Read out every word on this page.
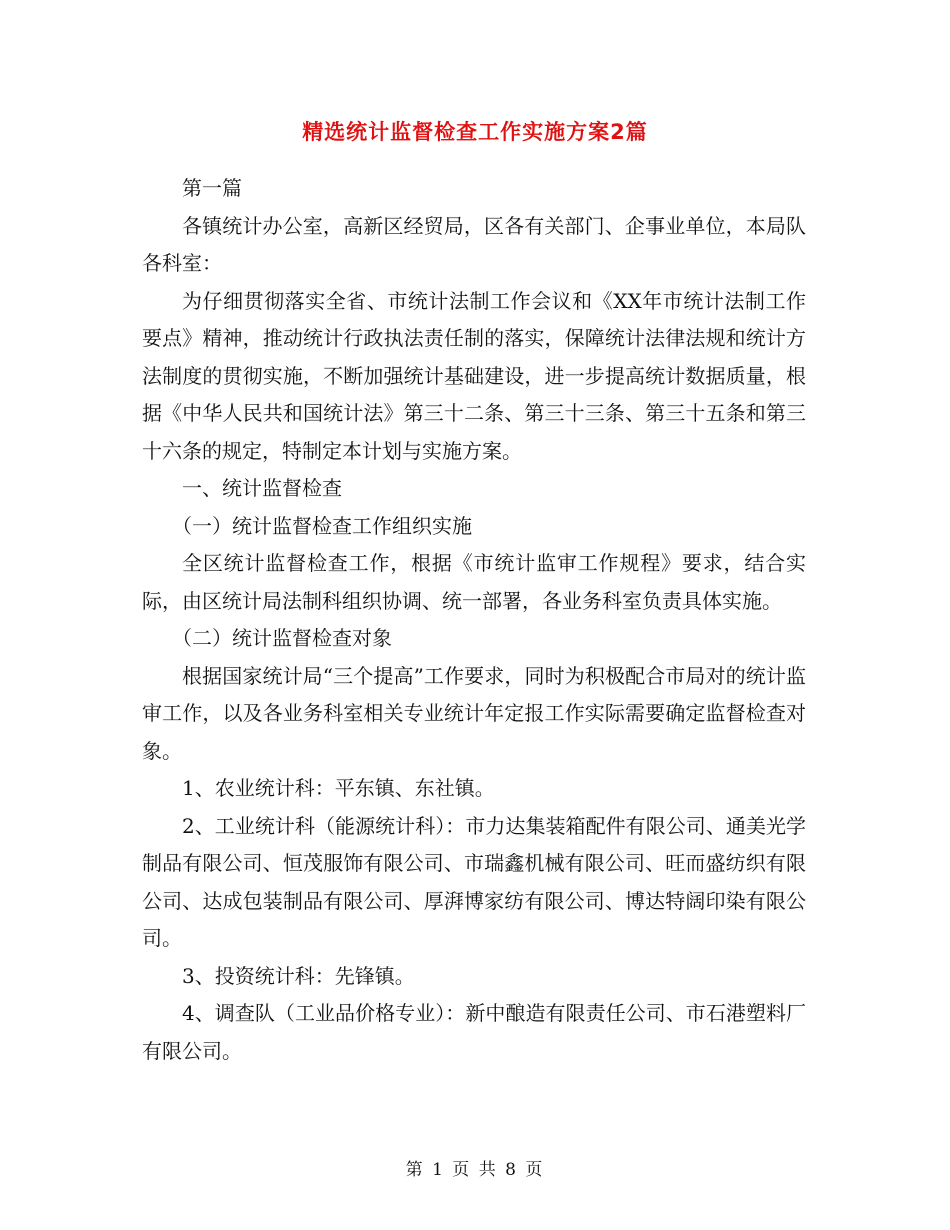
精选统计监督检查工作实施方案2篇

第一篇

各镇统计办公室，高新区经贸局，区各有关部门、企事业单位，本局队各科室：

为仔细贯彻落实全省、市统计法制工作会议和《XX年市统计法制工作要点》精神，推动统计行政执法责任制的落实，保障统计法律法规和统计方法制度的贯彻实施，不断加强统计基础建设，进一步提高统计数据质量，根据《中华人民共和国统计法》第三十二条、第三十三条、第三十五条和第三十六条的规定，特制定本计划与实施方案。

一、统计监督检查

（一）统计监督检查工作组织实施

全区统计监督检查工作，根据《市统计监审工作规程》要求，结合实际，由区统计局法制科组织协调、统一部署，各业务科室负责具体实施。

（二）统计监督检查对象

根据国家统计局“三个提高”工作要求，同时为积极配合市局对的统计监审工作，以及各业务科室相关专业统计年定报工作实际需要确定监督检查对象。

1、农业统计科：平东镇、东社镇。

2、工业统计科（能源统计科）：市力达集装箱配件有限公司、通美光学制品有限公司、恒茂服饰有限公司、市瑞鑫机械有限公司、旺而盛纺织有限公司、达成包装制品有限公司、厚湃博家纺有限公司、博达特阔印染有限公司。

3、投资统计科：先锋镇。

4、调查队（工业品价格专业）：新中酿造有限责任公司、市石港塑料厂有限公司。

第 1 页 共 8 页
